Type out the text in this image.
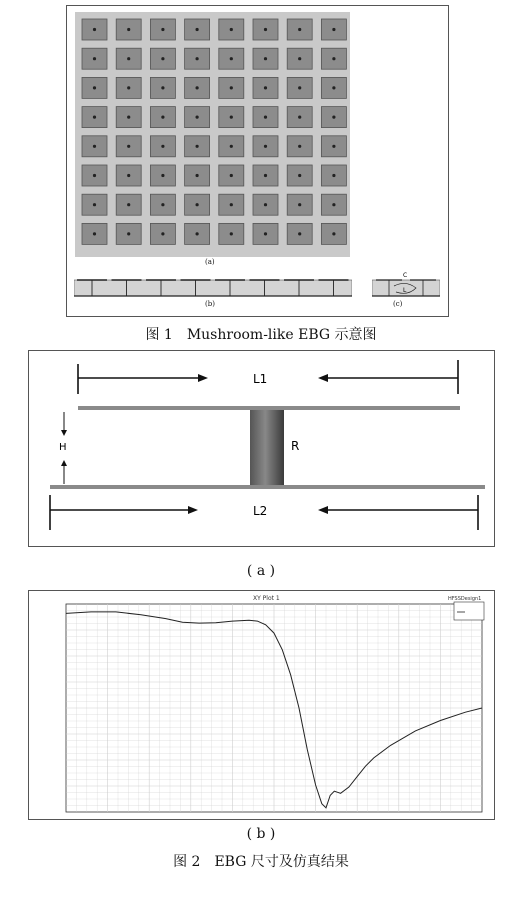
(a)
(b)
C
L
(c)
图 1　Mushroom-like EBG 示意图
L1
R
H
L2
( a )
XY Plot 1	HFSSDesign1
( b )
图 2　EBG 尺寸及仿真结果
